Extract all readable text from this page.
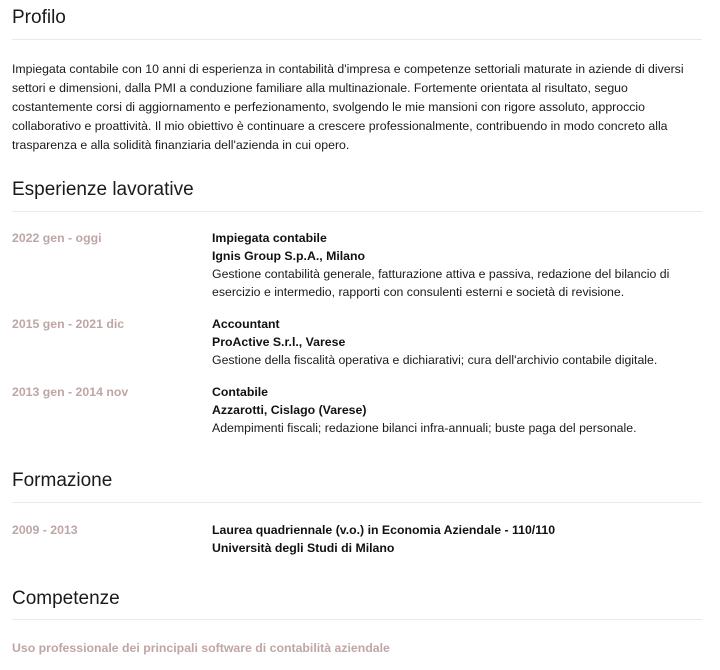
Profilo

Impiegata contabile con 10 anni di esperienza in contabilità d'impresa e competenze settoriali maturate in aziende di diversi settori e dimensioni, dalla PMI a conduzione familiare alla multinazionale. Fortemente orientata al risultato, seguo costantemente corsi di aggiornamento e perfezionamento, svolgendo le mie mansioni con rigore assoluto, approccio collaborativo e proattività. Il mio obiettivo è continuare a crescere professionalmente, contribuendo in modo concreto alla trasparenza e alla solidità finanziaria dell'azienda in cui opero.

Esperienze lavorative
2022 gen - oggi	Impiegata contabile
Ignis Group S.p.A., Milano
Gestione contabilità generale, fatturazione attiva e passiva, redazione del bilancio di esercizio e intermedio, rapporti con consulenti esterni e società di revisione.
2015 gen - 2021 dic	Accountant
ProActive S.r.l., Varese
Gestione della fiscalità operativa e dichiarativi; cura dell'archivio contabile digitale.
2013 gen - 2014 nov	Contabile
Azzarotti, Cislago (Varese)
Adempimenti fiscali; redazione bilanci infra-annuali; buste paga del personale.
Formazione
2009 - 2013	Laurea quadriennale (v.o.) in Economia Aziendale - 110/110
Università degli Studi di Milano
Competenze
Uso professionale dei principali software di contabilità aziendale
